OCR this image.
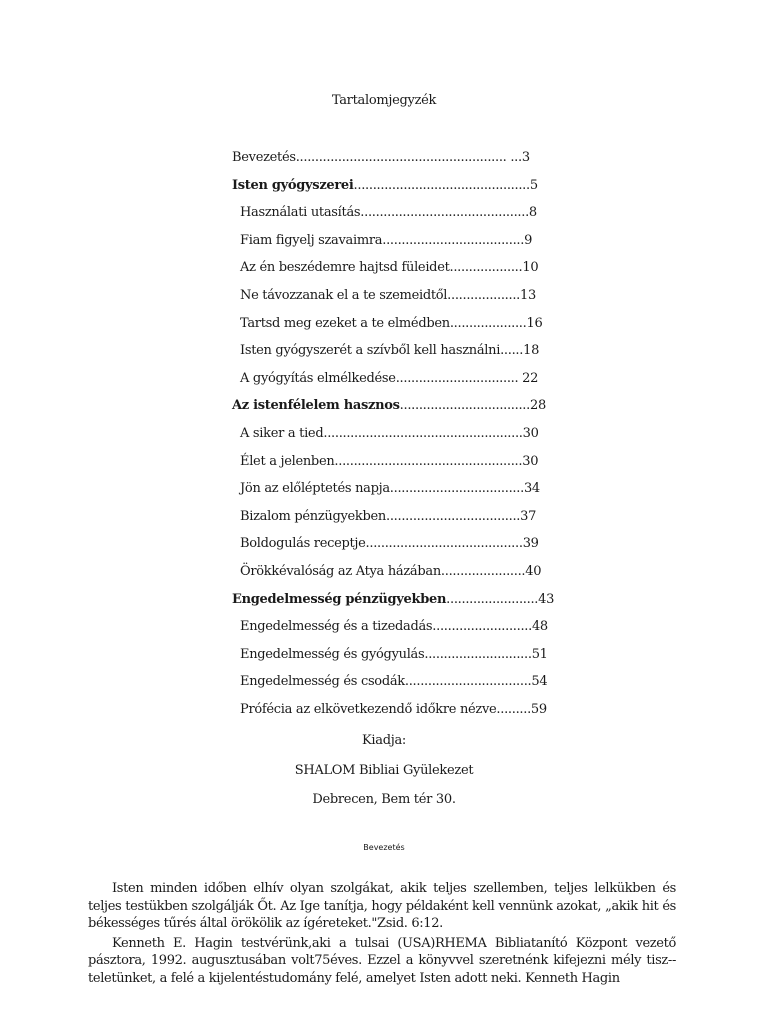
Tartalomjegyzék
Bevezetés....................................................... ...3
Isten gyógyszerei..............................................5
Használati utasítás............................................8
Fiam figyelj szavaimra.....................................9
Az én beszédemre hajtsd füleidet...................10
Ne távozzanak el a te szemeidtől...................13
Tartsd meg ezeket a te elmédben....................16
Isten gyógyszerét a szívből kell használni......18
A gyógyítás elmélkedése................................ 22
Az istenfélelem hasznos..................................28
A siker a tied....................................................30
Élet a jelenben.................................................30
Jön az előléptetés napja...................................34
Bizalom pénzügyekben...................................37
Boldogulás receptje.........................................39
Örökkévalóság az Atya házában......................40
Engedelmesség pénzügyekben........................43
Engedelmesség és a tizedadás..........................48
Engedelmesség és gyógyulás............................51
Engedelmesség és csodák.................................54
Prófécia az elkövetkezendő időkre nézve.........59
Kiadja:
SHALOM Bibliai Gyülekezet
Debrecen, Bem tér 30.
Bevezetés

Isten minden időben elhív olyan szolgákat, akik teljes szellemben, teljes lelkükben és teljes testükben szolgálják Őt. Az Ige tanítja, hogy példaként kell vennünk azokat, „akik hit és békességes tűrés által örökölik az ígéreteket."Zsid. 6:12.

Kenneth E. Hagin testvérünk,aki a tulsai (USA)RHEMA Bibliatanító Központ vezető pásztora, 1992. augusztusában volt75éves. Ezzel a könyvvel szeretnénk kifejezni mély tisz--teletünket, a felé a kijelentéstudomány felé, amelyet Isten adott neki. Kenneth Hagin
